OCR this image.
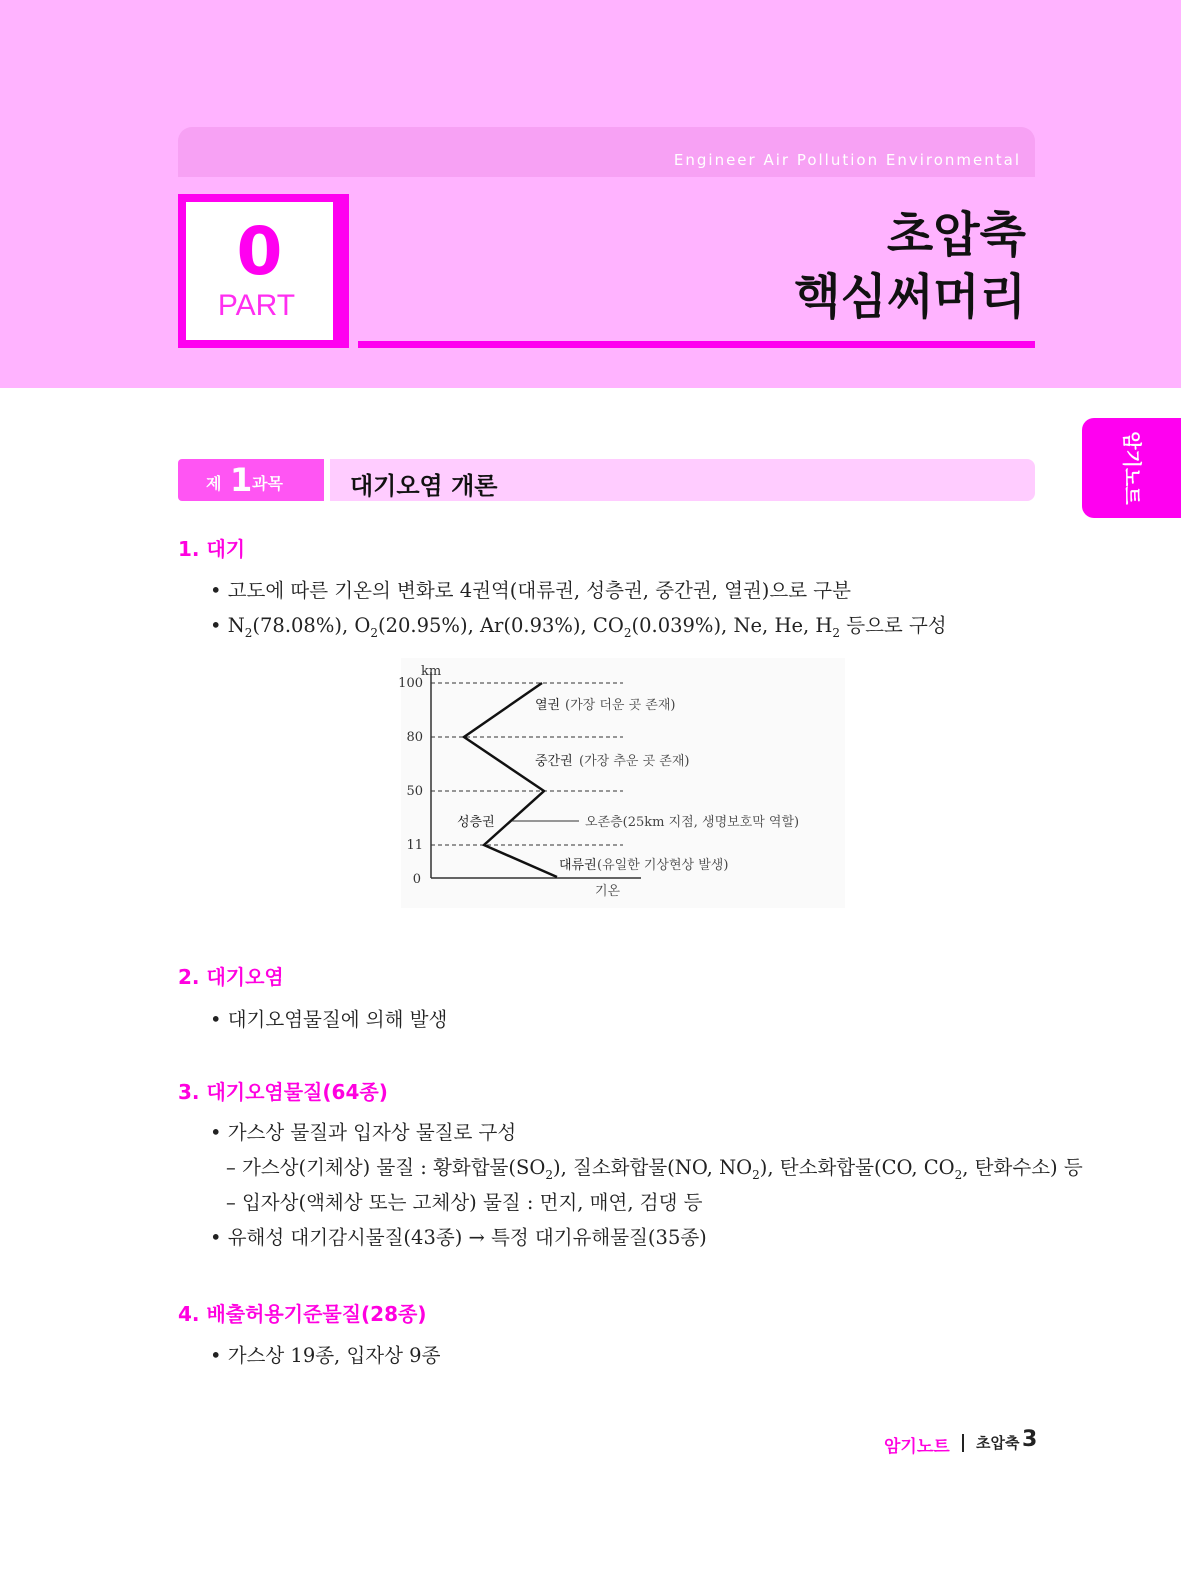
Engineer Air Pollution Environmental
0
PART
초압축
핵심써머리
암기노트
제 1 과목	대기오염 개론
1. 대기
• 고도에 따른 기온의 변화로 4권역(대류권, 성층권, 중간권, 열권)으로 구분
• $N_2(78.08\%)$, $O_2(20.95\%)$, Ar(0.93%), $CO_2(0.039\%)$, Ne, He, $H_2$ 등으로 구성
km
100
80
50
11
0
열권
중간권
성층권
대류권
(가장 더운 곳 존재)
(가장 추운 곳 존재)
오존층(25km 지점, 생명보호막 역할)
(유일한 기상현상 발생)
기온
2. 대기오염
• 대기오염물질에 의해 발생
3. 대기오염물질(64종)
• 가스상 물질과 입자상 물질로 구성
– 가스상(기체상) 물질 : 황화합물$(SO_2)$, 질소화합물(NO, $NO_2$), 탄소화합물(CO, $CO_2$, 탄화수소) 등
– 입자상(액체상 또는 고체상) 물질 : 먼지, 매연, 검댕 등
• 유해성 대기감시물질(43종) → 특정 대기유해물질(35종)
4. 배출허용기준물질(28종)
• 가스상 19종, 입자상 9종
암기노트 초압축 3
